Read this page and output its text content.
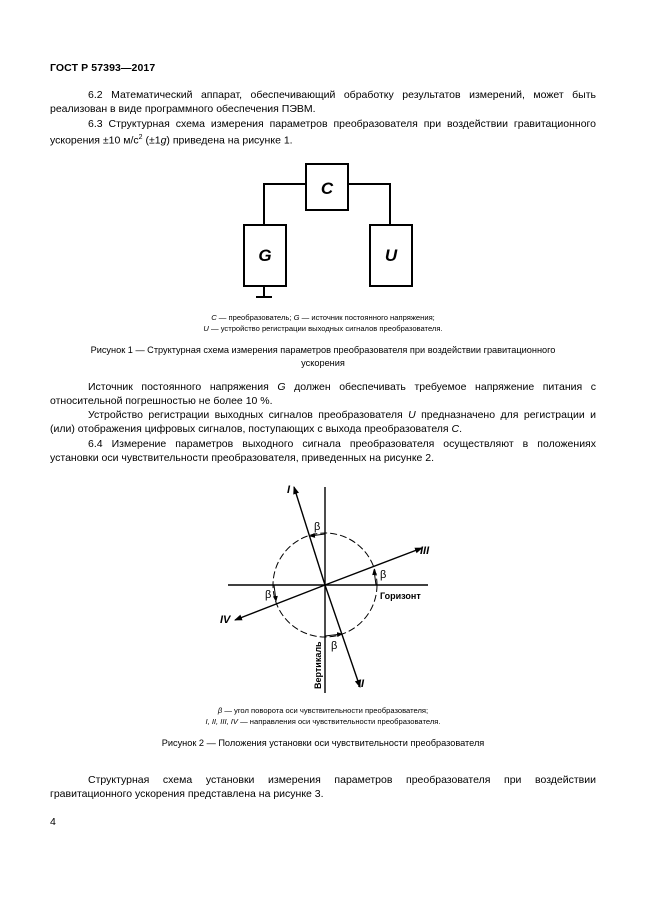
ГОСТ Р 57393—2017
6.2 Математический аппарат, обеспечивающий обработку результатов измерений, может быть реализован в виде программного обеспечения ПЭВМ.
6.3 Структурная схема измерения параметров преобразователя при воздействии гравитационного ускорения ±10 $м/с^2$ (±1g) приведена на рисунке 1.
C
G	U
C — преобразователь; G — источник постоянного напряжения;
U — устройство регистрации выходных сигналов преобразователя.
Рисунок 1 — Структурная схема измерения параметров преобразователя при воздействии гравитационного ускорения
Источник постоянного напряжения G должен обеспечивать требуемое напряжение питания с относительной погрешностью не более 10 %.
Устройство регистрации выходных сигналов преобразователя U предназначено для регистрации и (или) отображения цифровых сигналов, поступающих с выхода преобразователя C.
6.4 Измерение параметров выходного сигнала преобразователя осуществляют в положениях установки оси чувствительности преобразователя, приведенных на рисунке 2.
β
β
β
β
I
II
III
IV
Горизонт
Вертикаль
β — угол поворота оси чувствительности преобразователя;
I, II, III, IV — направления оси чувствительности преобразователя.
Рисунок 2 — Положения установки оси чувствительности преобразователя
Структурная схема установки измерения параметров преобразователя при воздействии гравитационного ускорения представлена на рисунке 3.
4
